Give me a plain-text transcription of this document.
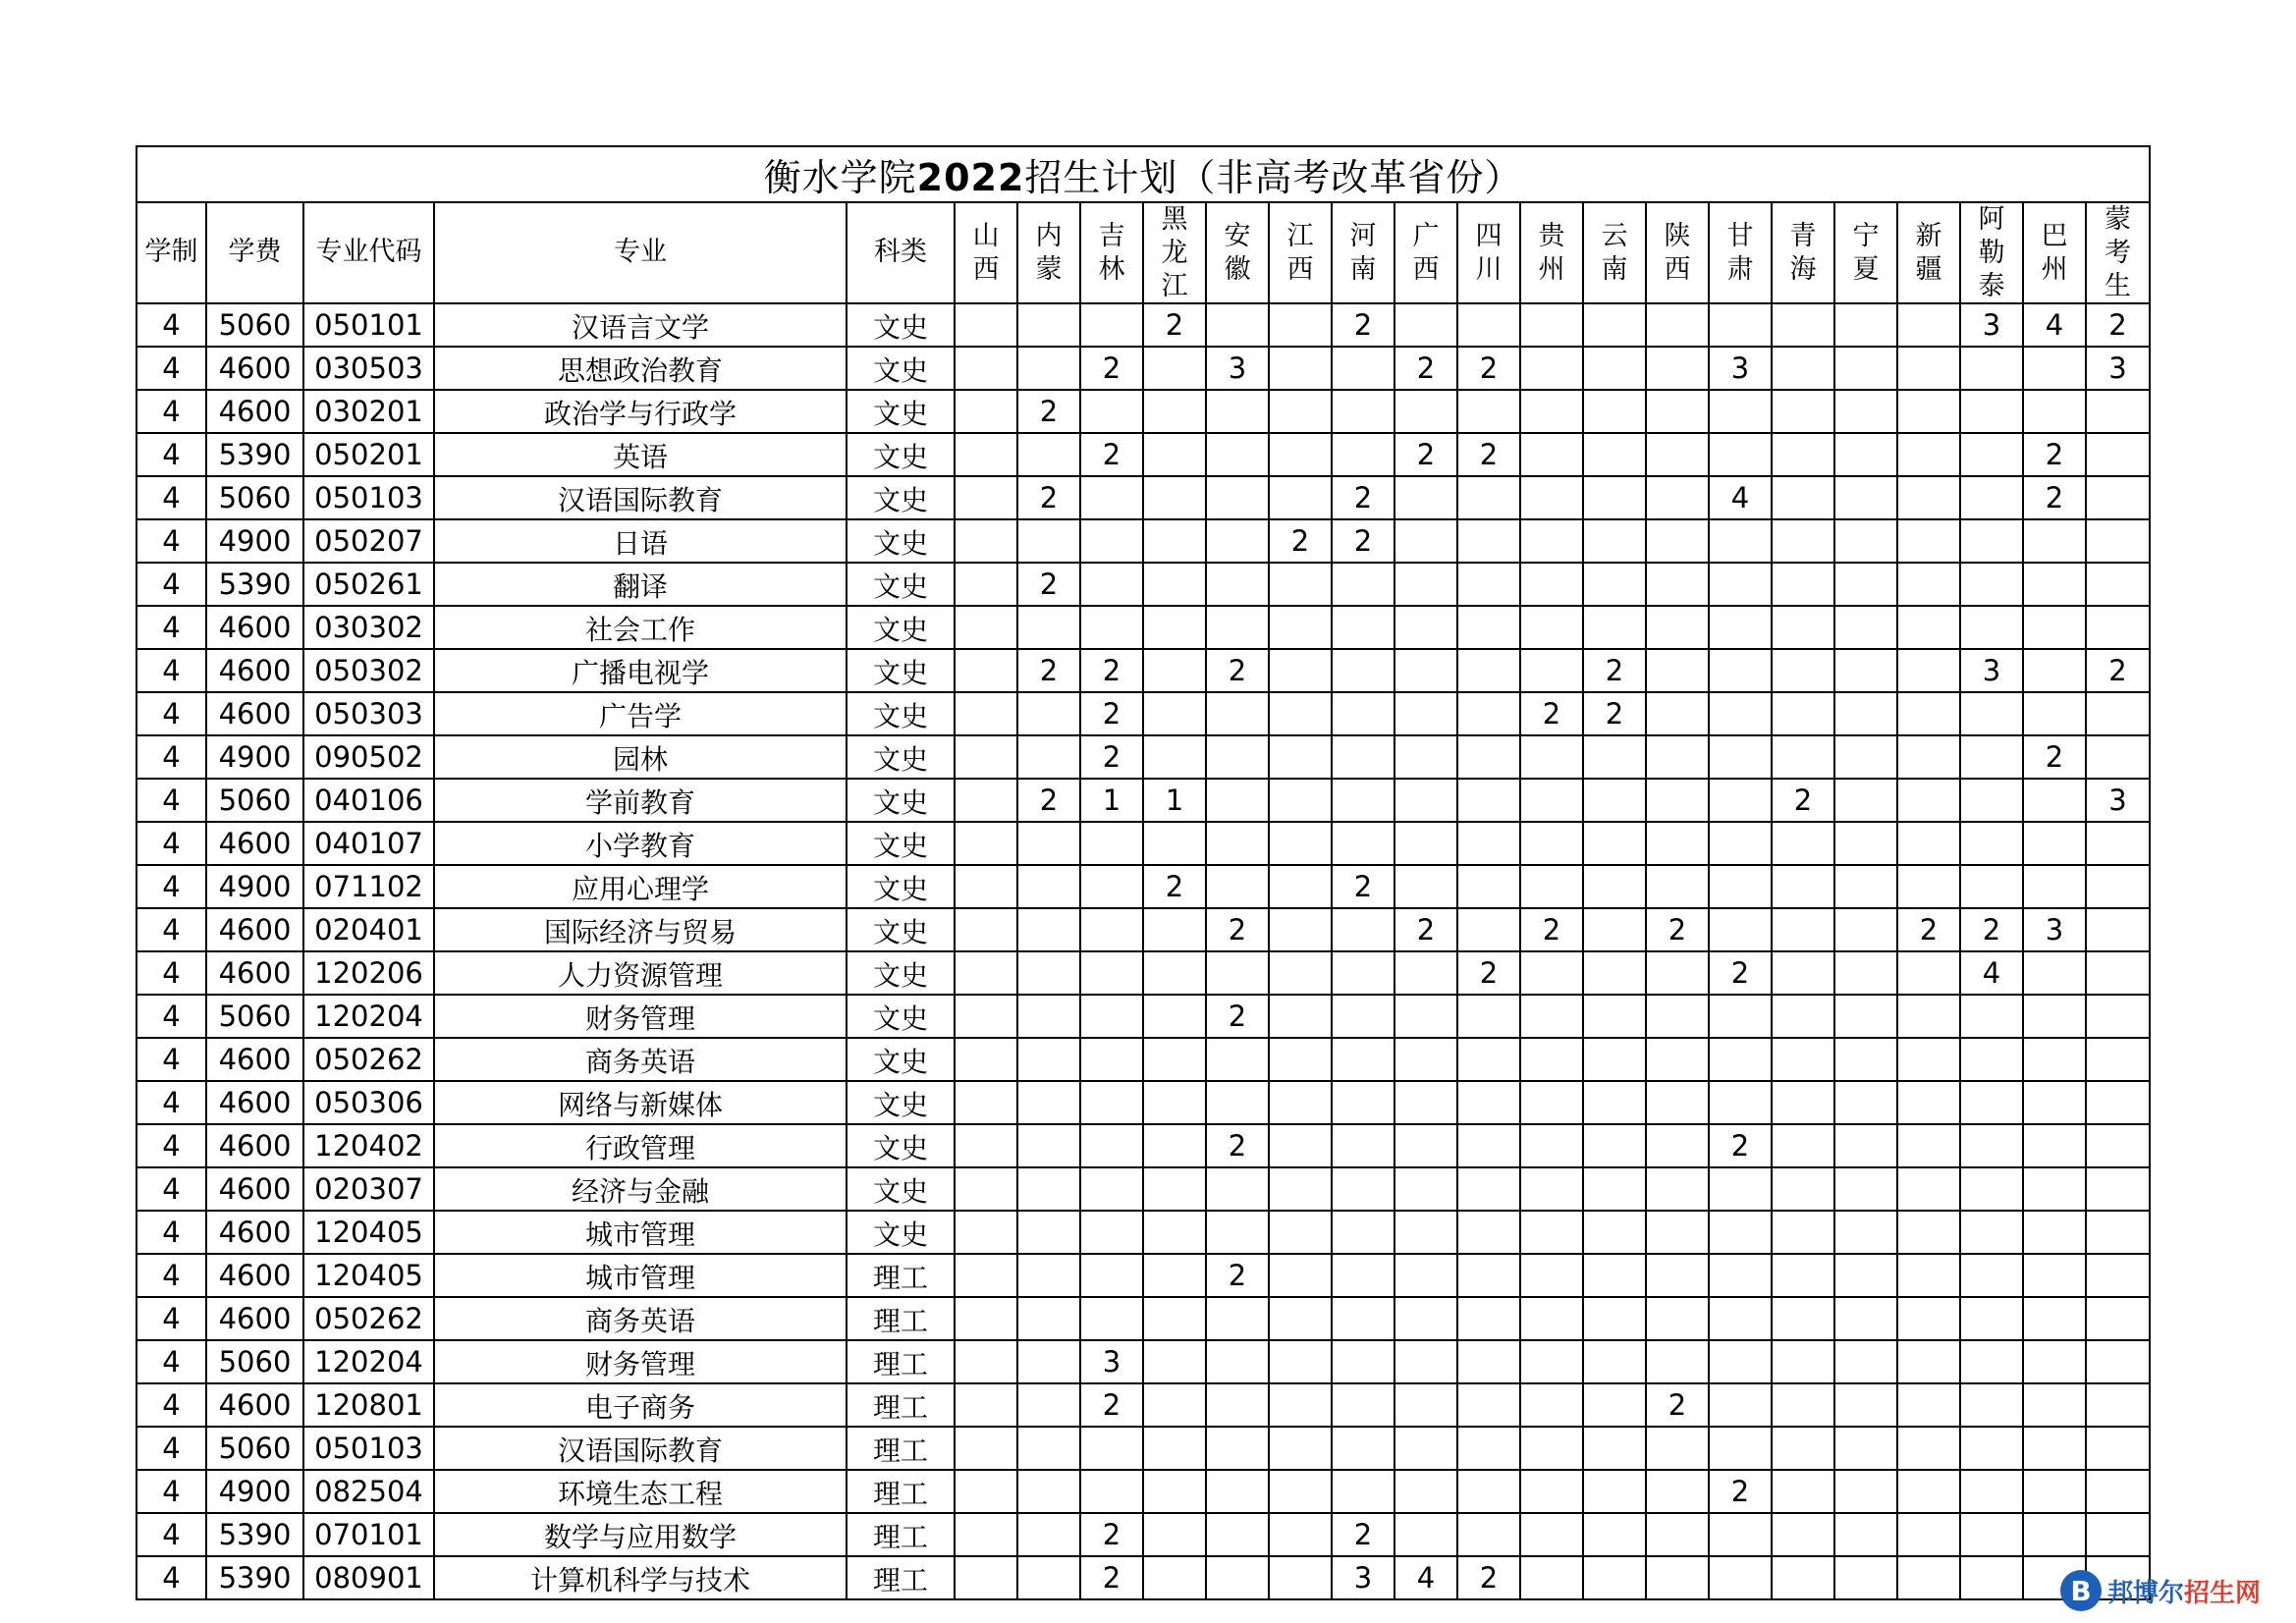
衡水学院2022招生计划（非高考改革省份）																							
学制	学费	专业代码	专业	科类	山西	内蒙	吉林	黑龙江	安徽	江西	河南	广西	四川	贵州	云南	陕西	甘肃	青海	宁夏	新疆	阿勒泰	巴州	蒙考生
4	5060	050101	汉语言文学	文史				2			2										3	4	2
4	4600	030503	思想政治教育	文史			2		3			2	2				3						3
4	4600	030201	政治学与行政学	文史		2																	
4	5390	050201	英语	文史			2					2	2									2	
4	5060	050103	汉语国际教育	文史		2					2						4					2	
4	4900	050207	日语	文史						2	2												
4	5390	050261	翻译	文史		2																	
4	4600	030302	社会工作	文史																			
4	4600	050302	广播电视学	文史		2	2		2						2						3		2
4	4600	050303	广告学	文史			2							2	2								
4	4900	090502	园林	文史			2															2	
4	5060	040106	学前教育	文史		2	1	1										2					3
4	4600	040107	小学教育	文史																			
4	4900	071102	应用心理学	文史				2			2												
4	4600	020401	国际经济与贸易	文史					2			2		2		2				2	2	3	
4	4600	120206	人力资源管理	文史									2				2				4		
4	5060	120204	财务管理	文史					2														
4	4600	050262	商务英语	文史																			
4	4600	050306	网络与新媒体	文史																			
4	4600	120402	行政管理	文史					2								2						
4	4600	020307	经济与金融	文史																			
4	4600	120405	城市管理	文史																			
4	4600	120405	城市管理	理工					2														
4	4600	050262	商务英语	理工																			
4	5060	120204	财务管理	理工			3																
4	4600	120801	电子商务	理工			2									2							
4	5060	050103	汉语国际教育	理工																			
4	4900	082504	环境生态工程	理工													2						
4	5390	070101	数学与应用数学	理工			2				2												
4	5390	080901	计算机科学与技术	理工			2				3	4	2											B 邦博尔招生网
